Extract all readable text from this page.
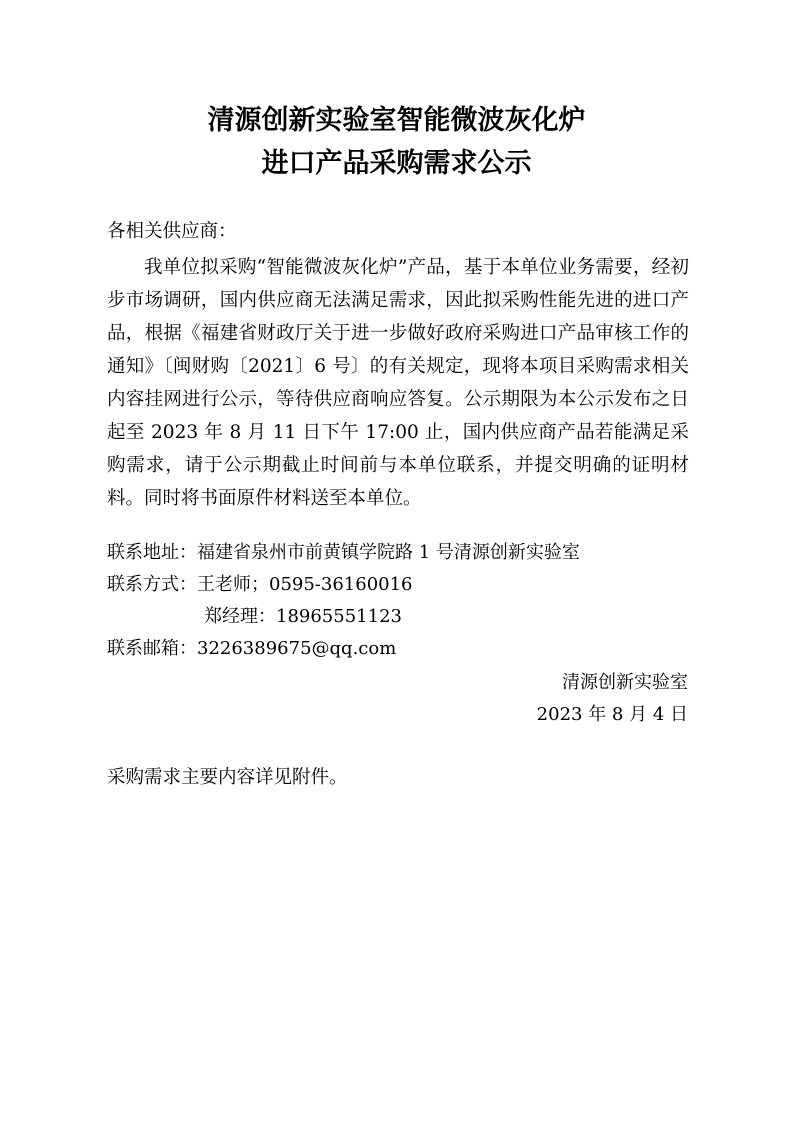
清源创新实验室智能微波灰化炉
进口产品采购需求公示
各相关供应商：
我单位拟采购“智能微波灰化炉”产品，基于本单位业务需要，经初步市场调研，国内供应商无法满足需求，因此拟采购性能先进的进口产品，根据《福建省财政厅关于进一步做好政府采购进口产品审核工作的通知》〔闽财购〔2021〕6 号〕的有关规定，现将本项目采购需求相关内容挂网进行公示，等待供应商响应答复。公示期限为本公示发布之日起至 2023 年 8 月 11 日下午 17:00 止，国内供应商产品若能满足采购需求，请于公示期截止时间前与本单位联系，并提交明确的证明材料。同时将书面原件材料送至本单位。
联系地址：福建省泉州市前黄镇学院路 1 号清源创新实验室
联系方式：王老师；0595-36160016
郑经理：18965551123
联系邮箱：3226389675@qq.com
清源创新实验室
2023 年 8 月 4 日
采购需求主要内容详见附件。
